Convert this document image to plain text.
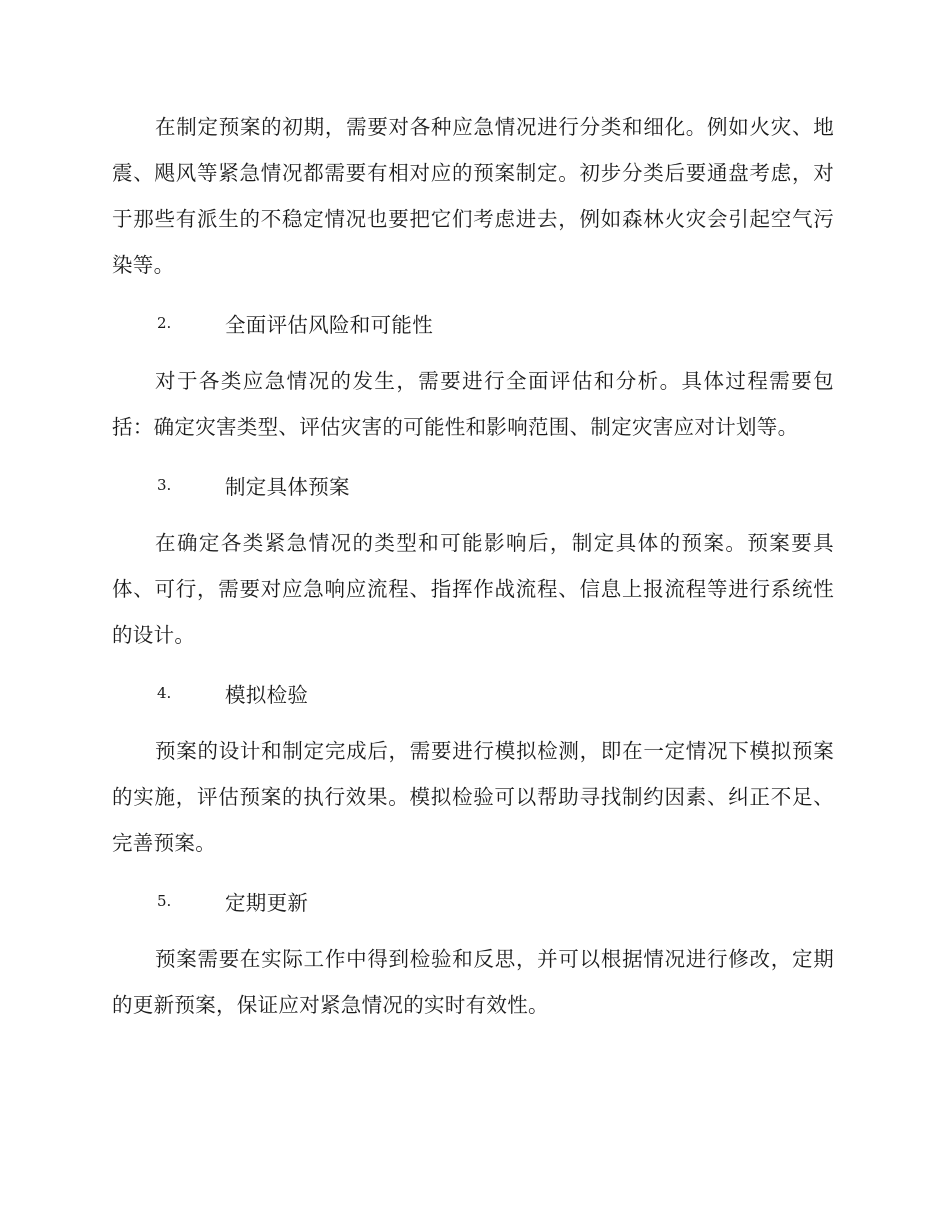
在制定预案的初期，需要对各种应急情况进行分类和细化。例如火灾、地震、飓风等紧急情况都需要有相对应的预案制定。初步分类后要通盘考虑，对于那些有派生的不稳定情况也要把它们考虑进去，例如森林火灾会引起空气污染等。

2.	全面评估风险和可能性

对于各类应急情况的发生，需要进行全面评估和分析。具体过程需要包括：确定灾害类型、评估灾害的可能性和影响范围、制定灾害应对计划等。

3.	制定具体预案

在确定各类紧急情况的类型和可能影响后，制定具体的预案。预案要具体、可行，需要对应急响应流程、指挥作战流程、信息上报流程等进行系统性的设计。

4.	模拟检验

预案的设计和制定完成后，需要进行模拟检测，即在一定情况下模拟预案的实施，评估预案的执行效果。模拟检验可以帮助寻找制约因素、纠正不足、完善预案。

5.	定期更新

预案需要在实际工作中得到检验和反思，并可以根据情况进行修改，定期的更新预案，保证应对紧急情况的实时有效性。
